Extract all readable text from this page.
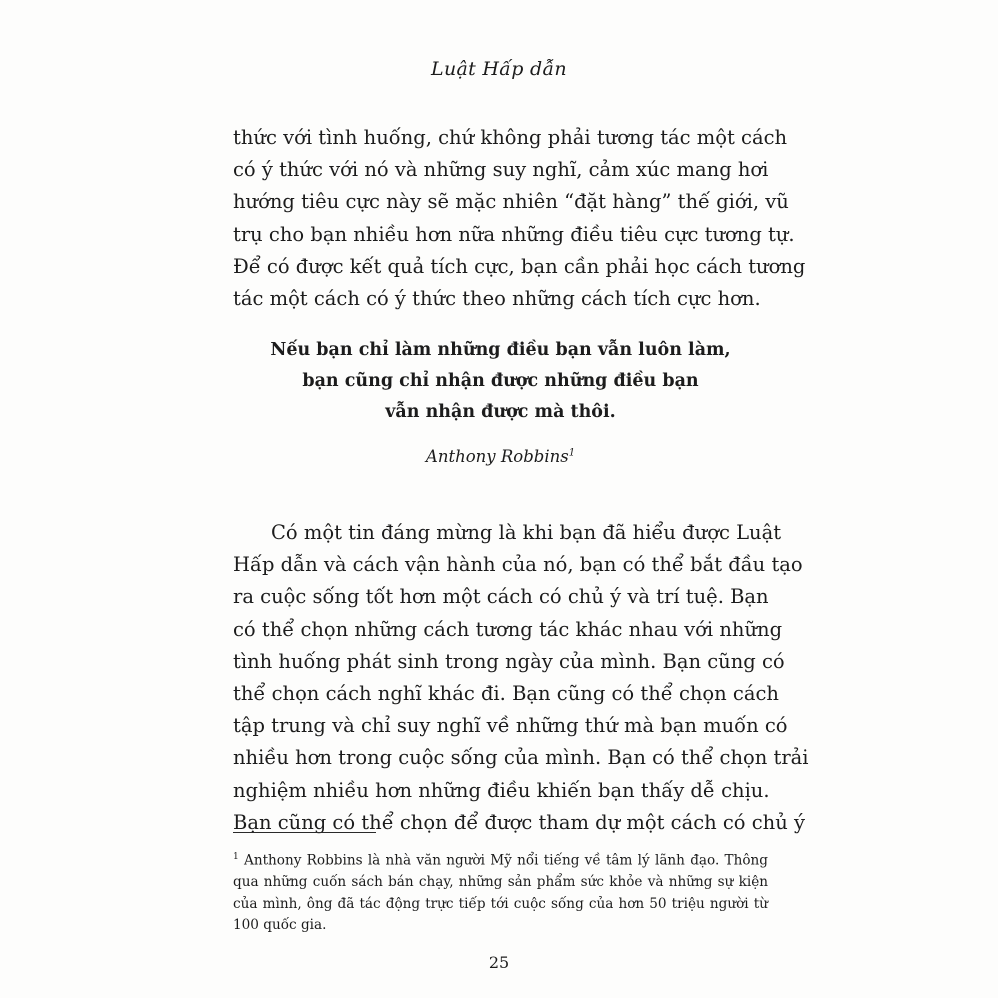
Luật Hấp dẫn
thức với tình huống, chứ không phải tương tác một cách
có ý thức với nó và những suy nghĩ, cảm xúc mang hơi
hướng tiêu cực này sẽ mặc nhiên “đặt hàng” thế giới, vũ
trụ cho bạn nhiều hơn nữa những điều tiêu cực tương tự.
Để có được kết quả tích cực, bạn cần phải học cách tương
tác một cách có ý thức theo những cách tích cực hơn.
Nếu bạn chỉ làm những điều bạn vẫn luôn làm,
bạn cũng chỉ nhận được những điều bạn
vẫn nhận được mà thôi.
Anthony Robbins$^1$
Có một tin đáng mừng là khi bạn đã hiểu được Luật
Hấp dẫn và cách vận hành của nó, bạn có thể bắt đầu tạo
ra cuộc sống tốt hơn một cách có chủ ý và trí tuệ. Bạn
có thể chọn những cách tương tác khác nhau với những
tình huống phát sinh trong ngày của mình. Bạn cũng có
thể chọn cách nghĩ khác đi. Bạn cũng có thể chọn cách
tập trung và chỉ suy nghĩ về những thứ mà bạn muốn có
nhiều hơn trong cuộc sống của mình. Bạn có thể chọn trải
nghiệm nhiều hơn những điều khiến bạn thấy dễ chịu.
Bạn cũng có thể chọn để được tham dự một cách có chủ ý
$^1$ Anthony Robbins là nhà văn người Mỹ nổi tiếng về tâm lý lãnh đạo. Thông
qua những cuốn sách bán chạy, những sản phẩm sức khỏe và những sự kiện
của mình, ông đã tác động trực tiếp tới cuộc sống của hơn 50 triệu người từ
100 quốc gia.
25
